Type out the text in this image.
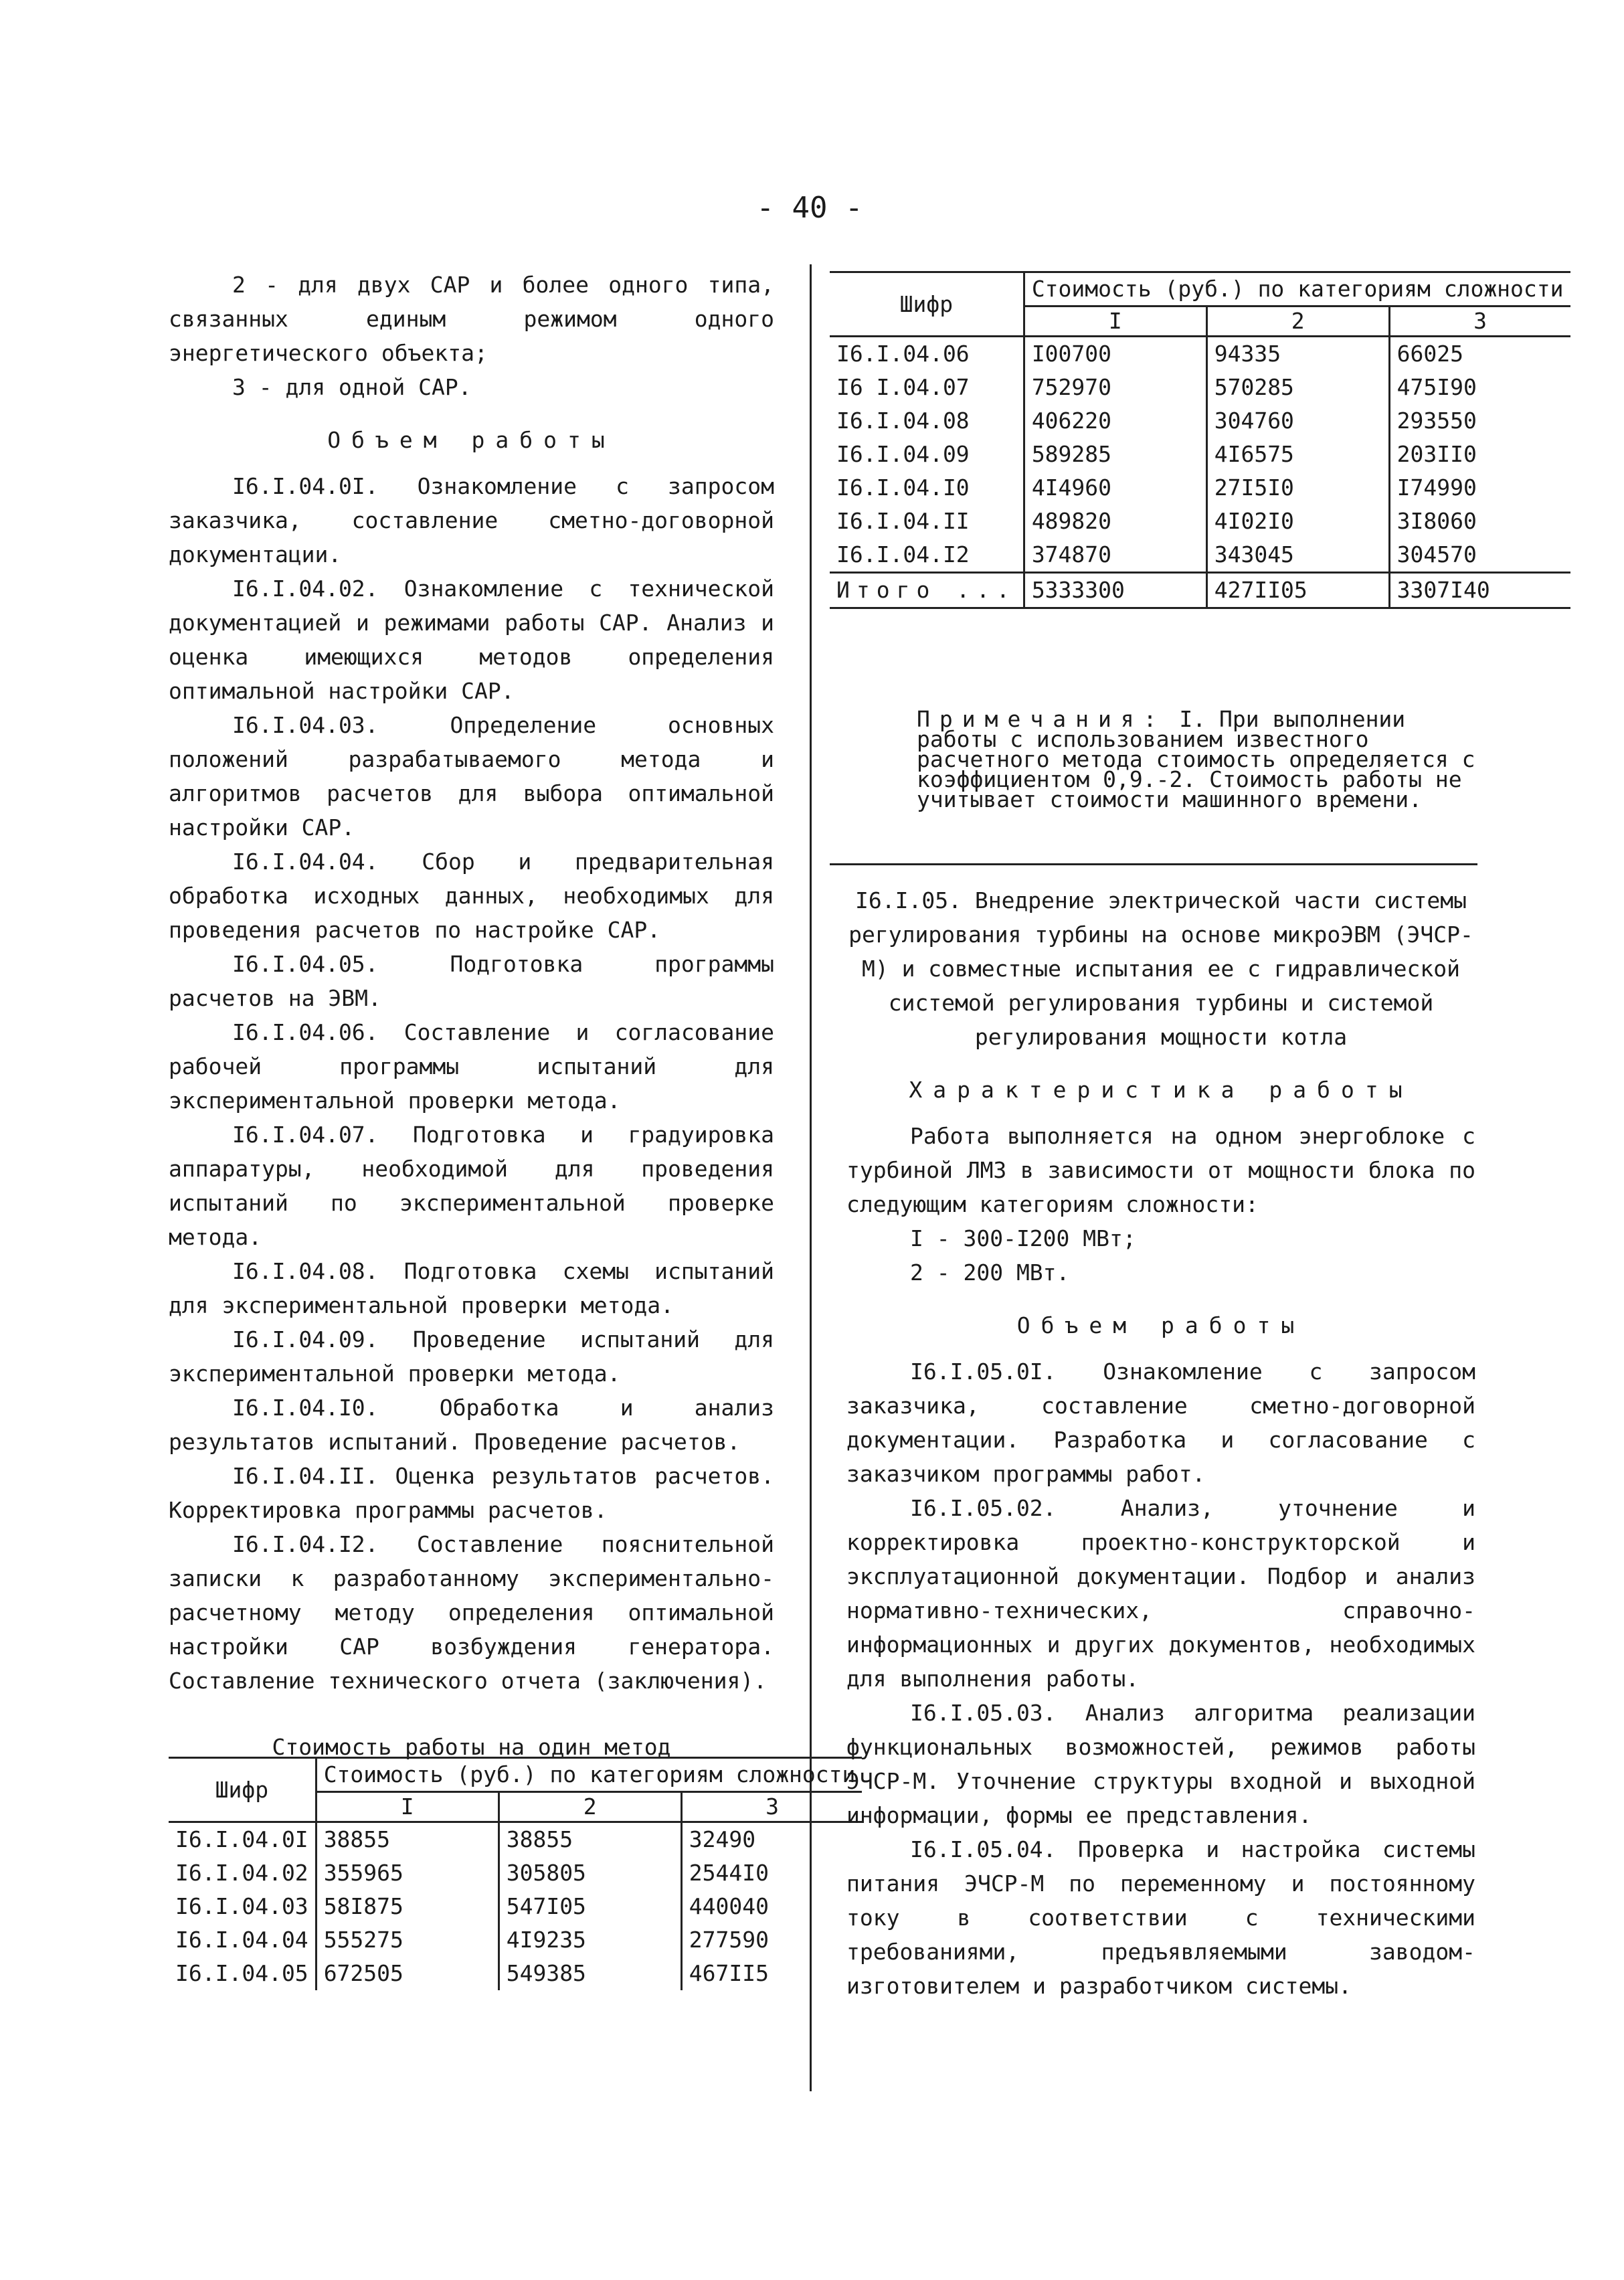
- 40 -

2 - для двух САР и более одного типа, связанных единым режимом одного энергетического объекта;

3 - для одной САР.

Объем работы

I6.I.04.0I. Ознакомление с запросом заказчика, составление сметно-договорной документации.

I6.I.04.02. Ознакомление с технической документацией и режимами работы САР. Анализ и оценка имеющихся методов определения оптимальной настройки САР.

I6.I.04.03. Определение основных положений разрабатываемого метода и алгоритмов расчетов для выбора оптимальной настройки САР.

I6.I.04.04. Сбор и предварительная обработка исходных данных, необходимых для проведения расчетов по настройке САР.

I6.I.04.05. Подготовка программы расчетов на ЭВМ.

I6.I.04.06. Составление и согласование рабочей программы испытаний для экспериментальной проверки метода.

I6.I.04.07. Подготовка и градуировка аппаратуры, необходимой для проведения испытаний по экспериментальной проверке метода.

I6.I.04.08. Подготовка схемы испытаний для экспериментальной проверки метода.

I6.I.04.09. Проведение испытаний для экспериментальной проверки метода.

I6.I.04.I0. Обработка и анализ результатов испытаний. Проведение расчетов.

I6.I.04.II. Оценка результатов расчетов. Корректировка программы расчетов.

I6.I.04.I2. Составление пояснительной записки к разработанному экспериментально-расчетному методу определения оптимальной настройки САР возбуждения генератора. Составление технического отчета (заключения).

Стоимость работы на один метод

Шифр	Стоимость (руб.) по категориям сложности		
	I	2	3
I6.I.04.0I	38855	38855	32490
I6.I.04.02	355965	305805	2544I0
I6.I.04.03	58I875	547I05	440040
I6.I.04.04	555275	4I9235	277590
I6.I.04.05	672505	549385	467II5
Шифр	Стоимость (руб.) по категориям сложности		
	I	2	3
I6.I.04.06	I00700	94335	66025
I6 I.04.07	752970	570285	475I90
I6.I.04.08	406220	304760	293550
I6.I.04.09	589285	4I6575	203II0
I6.I.04.I0	4I4960	27I5I0	I74990
I6.I.04.II	489820	4I02I0	3I8060
I6.I.04.I2	374870	343045	304570
Итого ...	5333300	427II05	3307I40
Примечания: I. При выполнении работы с использованием известного расчетного метода стоимость определяется с коэффициентом 0,9.-2. Стоимость работы не учитывает стоимости машинного времени.

I6.I.05. Внедрение электрической части системы регулирования турбины на основе микроЭВМ (ЭЧСР-М) и совместные испытания ее с гидравлической системой регулирования турбины и системой регулирования мощности котла

Характеристика работы

Работа выполняется на одном энергоблоке с турбиной ЛМЗ в зависимости от мощности блока по следующим категориям сложности:

I - 300-I200 МВт;

2 - 200 МВт.

Объем работы

I6.I.05.0I. Ознакомление с запросом заказчика, составление сметно-договорной документации. Разработка и согласование с заказчиком программы работ.

I6.I.05.02. Анализ, уточнение и корректировка проектно-конструкторской и эксплуатационной документации. Подбор и анализ нормативно-технических, справочно-информационных и других документов, необходимых для выполнения работы.

I6.I.05.03. Анализ алгоритма реализации функциональных возможностей, режимов работы ЭЧСР-М. Уточнение структуры входной и выходной информации, формы ее представления.

I6.I.05.04. Проверка и настройка системы питания ЭЧСР-М по переменному и постоянному току в соответствии с техническими требованиями, предъявляемыми заводом-изготовителем и разработчиком системы.
